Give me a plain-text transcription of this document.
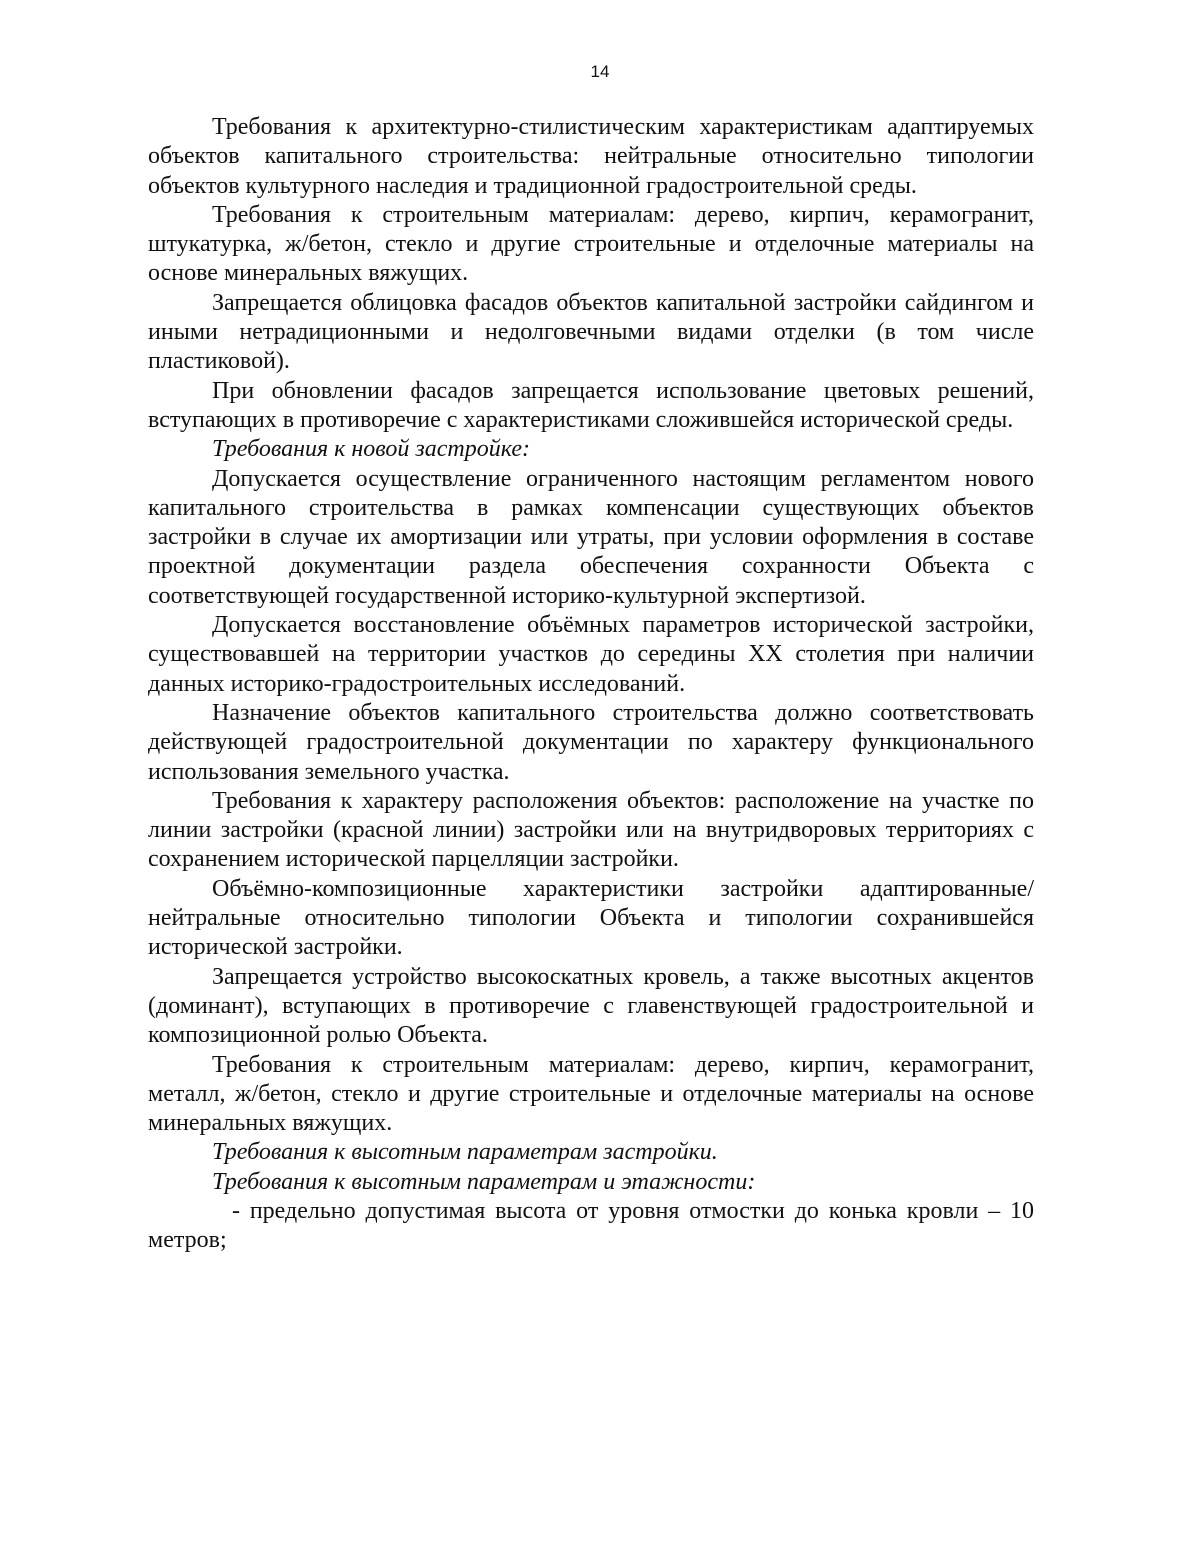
14

Требования к архитектурно-стилистическим характеристикам адаптируемых объектов капитального строительства: нейтральные относительно типологии объектов культурного наследия и традиционной градостроительной среды.

Требования к строительным материалам: дерево, кирпич, керамогранит, штукатурка, ж/бетон, стекло и другие строительные и отделочные материалы на основе минеральных вяжущих.

Запрещается облицовка фасадов объектов капитальной застройки сайдингом и иными нетрадиционными и недолговечными видами отделки (в том числе пластиковой).

При обновлении фасадов запрещается использование цветовых решений, вступающих в противоречие с характеристиками сложившейся исторической среды.

Требования к новой застройке:

Допускается осуществление ограниченного настоящим регламентом нового капитального строительства в рамках компенсации существующих объектов застройки в случае их амортизации или утраты, при условии оформления в составе проектной документации раздела обеспечения сохранности Объекта с соответствующей государственной историко-культурной экспертизой.

Допускается восстановление объёмных параметров исторической застройки, существовавшей на территории участков до середины XX столетия при наличии данных историко-градостроительных исследований.

Назначение объектов капитального строительства должно соответствовать действующей градостроительной документации по характеру функционального использования земельного участка.

Требования к характеру расположения объектов: расположение на участке по линии застройки (красной линии) застройки или на внутридворовых территориях с сохранением исторической парцелляции застройки.

Объёмно-композиционные характеристики застройки адаптированные/ нейтральные относительно типологии Объекта и типологии сохранившейся исторической застройки.

Запрещается устройство высокоскатных кровель, а также высотных акцентов (доминант), вступающих в противоречие с главенствующей градостроительной и композиционной ролью Объекта.

Требования к строительным материалам: дерево, кирпич, керамогранит, металл, ж/бетон, стекло и другие строительные и отделочные материалы на основе минеральных вяжущих.

Требования к высотным параметрам застройки.

Требования к высотным параметрам и этажности:

- предельно допустимая высота от уровня отмостки до конька кровли – 10 метров;
